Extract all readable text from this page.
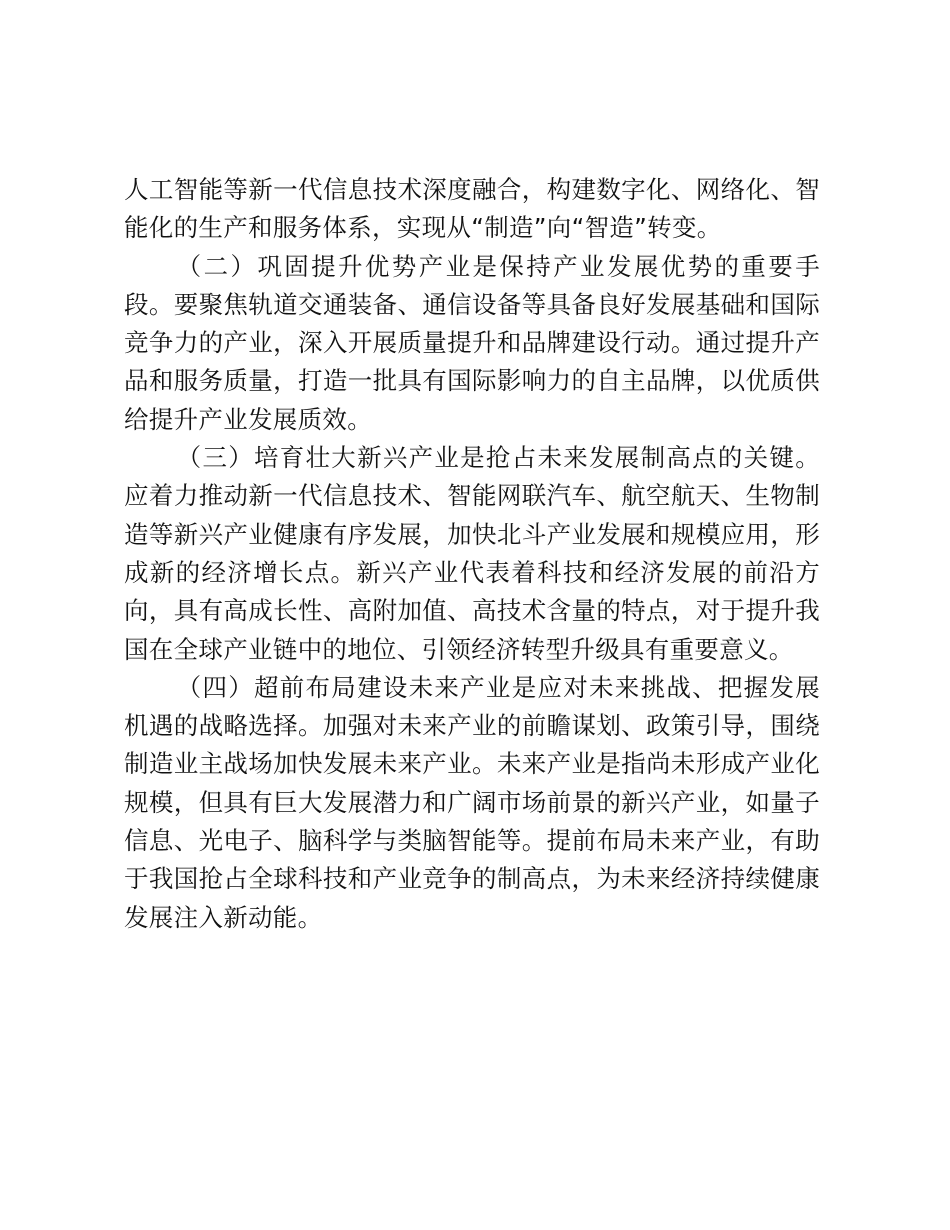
人工智能等新一代信息技术深度融合，构建数字化、网络化、智能化的生产和服务体系，实现从“制造”向“智造”转变。

（二）巩固提升优势产业是保持产业发展优势的重要手段。要聚焦轨道交通装备、通信设备等具备良好发展基础和国际竞争力的产业，深入开展质量提升和品牌建设行动。通过提升产品和服务质量，打造一批具有国际影响力的自主品牌，以优质供给提升产业发展质效。

（三）培育壮大新兴产业是抢占未来发展制高点的关键。应着力推动新一代信息技术、智能网联汽车、航空航天、生物制造等新兴产业健康有序发展，加快北斗产业发展和规模应用，形成新的经济增长点。新兴产业代表着科技和经济发展的前沿方向，具有高成长性、高附加值、高技术含量的特点，对于提升我国在全球产业链中的地位、引领经济转型升级具有重要意义。

（四）超前布局建设未来产业是应对未来挑战、把握发展机遇的战略选择。加强对未来产业的前瞻谋划、政策引导，围绕制造业主战场加快发展未来产业。未来产业是指尚未形成产业化规模，但具有巨大发展潜力和广阔市场前景的新兴产业，如量子信息、光电子、脑科学与类脑智能等。提前布局未来产业，有助于我国抢占全球科技和产业竞争的制高点，为未来经济持续健康发展注入新动能。
